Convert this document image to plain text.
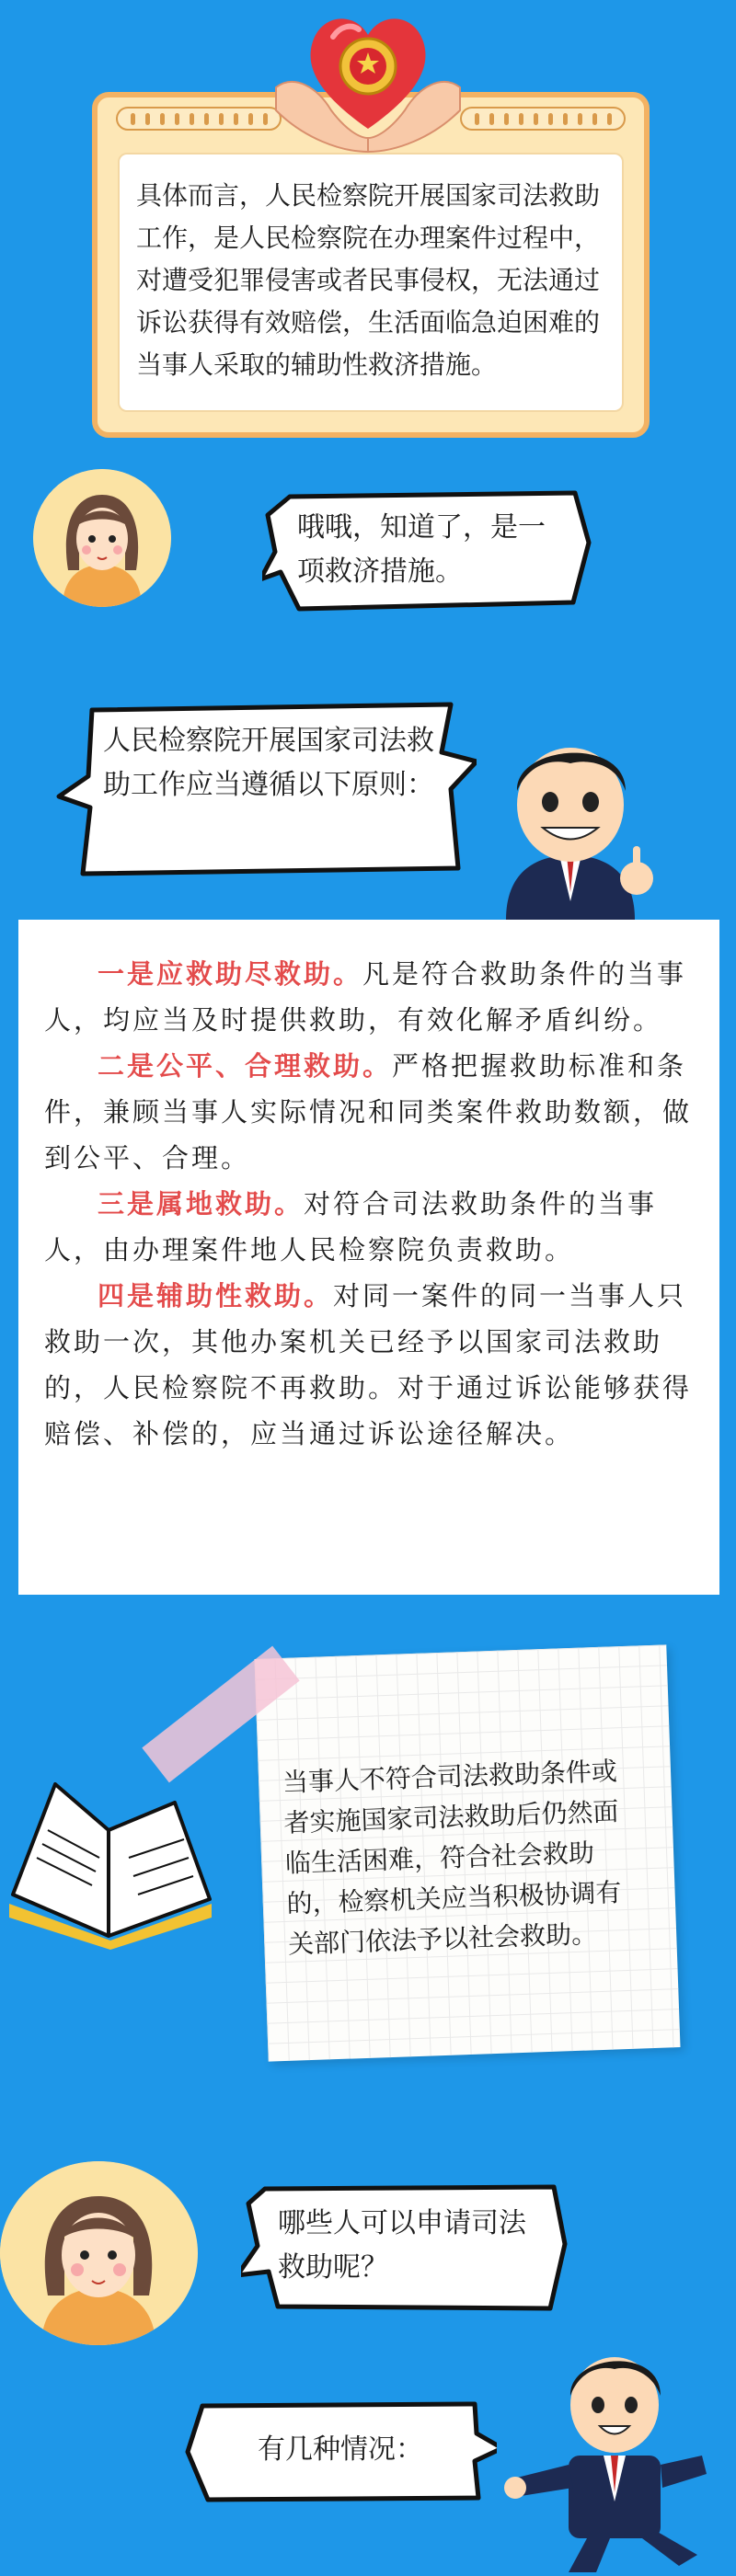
具体而言，人民检察院开展国家司法救助工作，是人民检察院在办理案件过程中，对遭受犯罪侵害或者民事侵权，无法通过诉讼获得有效赔偿，生活面临急迫困难的当事人采取的辅助性救济措施。
哦哦，知道了，是一项救济措施。
人民检察院开展国家司法救助工作应当遵循以下原则：

一是应救助尽救助。凡是符合救助条件的当事人，均应当及时提供救助，有效化解矛盾纠纷。

二是公平、合理救助。严格把握救助标准和条件，兼顾当事人实际情况和同类案件救助数额，做到公平、合理。

三是属地救助。对符合司法救助条件的当事人，由办理案件地人民检察院负责救助。

四是辅助性救助。对同一案件的同一当事人只救助一次，其他办案机关已经予以国家司法救助的，人民检察院不再救助。对于通过诉讼能够获得赔偿、补偿的，应当通过诉讼途径解决。

当事人不符合司法救助条件或者实施国家司法救助后仍然面临生活困难，符合社会救助的，检察机关应当积极协调有关部门依法予以社会救助。
哪些人可以申请司法救助呢？
有几种情况：
